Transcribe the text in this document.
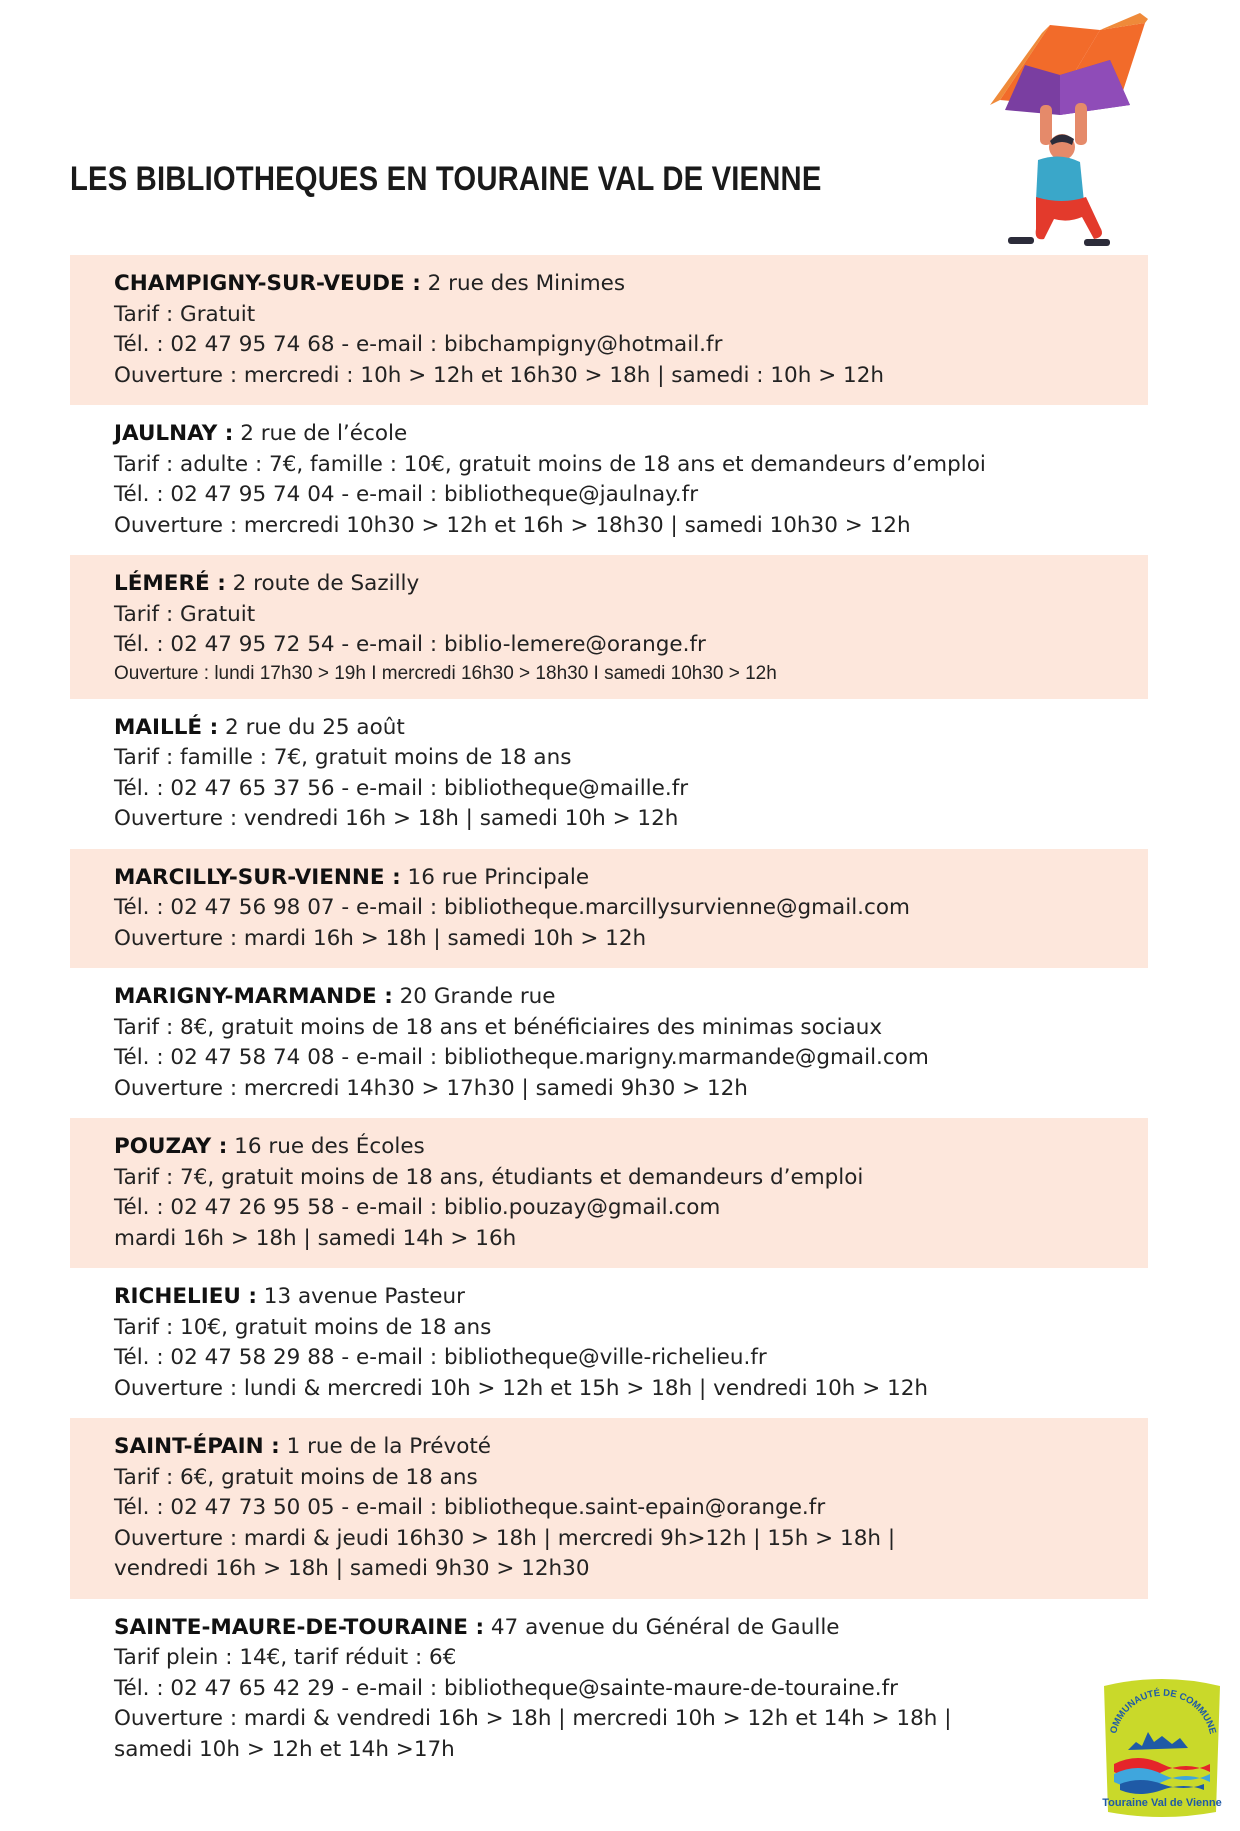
LES BIBLIOTHEQUES EN TOURAINE VAL DE VIENNE
CHAMPIGNY-SUR-VEUDE : 2 rue des Minimes
Tarif : Gratuit
Tél. : 02 47 95 74 68 - e-mail : bibchampigny@hotmail.fr
Ouverture : mercredi : 10h > 12h et 16h30 > 18h | samedi : 10h > 12h
JAULNAY : 2 rue de l’école
Tarif : adulte : 7€, famille : 10€, gratuit moins de 18 ans et demandeurs d’emploi
Tél. : 02 47 95 74 04 - e-mail : bibliotheque@jaulnay.fr
Ouverture : mercredi 10h30 > 12h et 16h > 18h30 | samedi 10h30 > 12h
LÉMERÉ : 2 route de Sazilly
Tarif : Gratuit
Tél. : 02 47 95 72 54 - e-mail : biblio-lemere@orange.fr
Ouverture : lundi 17h30 > 19h I mercredi 16h30 > 18h30 I samedi 10h30 > 12h
MAILLÉ : 2 rue du 25 août
Tarif : famille : 7€, gratuit moins de 18 ans
Tél. : 02 47 65 37 56 - e-mail : bibliotheque@maille.fr
Ouverture : vendredi 16h > 18h | samedi 10h > 12h
MARCILLY-SUR-VIENNE : 16 rue Principale
Tél. : 02 47 56 98 07 - e-mail : bibliotheque.marcillysurvienne@gmail.com
Ouverture : mardi 16h > 18h | samedi 10h > 12h
MARIGNY-MARMANDE : 20 Grande rue
Tarif : 8€, gratuit moins de 18 ans et bénéficiaires des minimas sociaux
Tél. : 02 47 58 74 08 - e-mail : bibliotheque.marigny.marmande@gmail.com
Ouverture : mercredi 14h30 > 17h30 | samedi 9h30 > 12h
POUZAY : 16 rue des Écoles
Tarif : 7€, gratuit moins de 18 ans, étudiants et demandeurs d’emploi
Tél. : 02 47 26 95 58 - e-mail : biblio.pouzay@gmail.com
mardi 16h > 18h | samedi 14h > 16h
RICHELIEU : 13 avenue Pasteur
Tarif : 10€, gratuit moins de 18 ans
Tél. : 02 47 58 29 88 - e-mail : bibliotheque@ville-richelieu.fr
Ouverture : lundi & mercredi 10h > 12h et 15h > 18h | vendredi 10h > 12h
SAINT-ÉPAIN : 1 rue de la Prévoté
Tarif : 6€, gratuit moins de 18 ans
Tél. : 02 47 73 50 05 - e-mail : bibliotheque.saint-epain@orange.fr
Ouverture : mardi & jeudi 16h30 > 18h | mercredi 9h>12h | 15h > 18h |
vendredi 16h > 18h | samedi 9h30 > 12h30
SAINTE-MAURE-DE-TOURAINE : 47 avenue du Général de Gaulle
Tarif plein : 14€, tarif réduit : 6€
Tél. : 02 47 65 42 29 - e-mail : bibliotheque@sainte-maure-de-touraine.fr
Ouverture : mardi & vendredi 16h > 18h | mercredi 10h > 12h et 14h > 18h |
samedi 10h > 12h et 14h >17h
OMMUNAUTÉ DE COMMUNE
Touraine Val de Vienne
